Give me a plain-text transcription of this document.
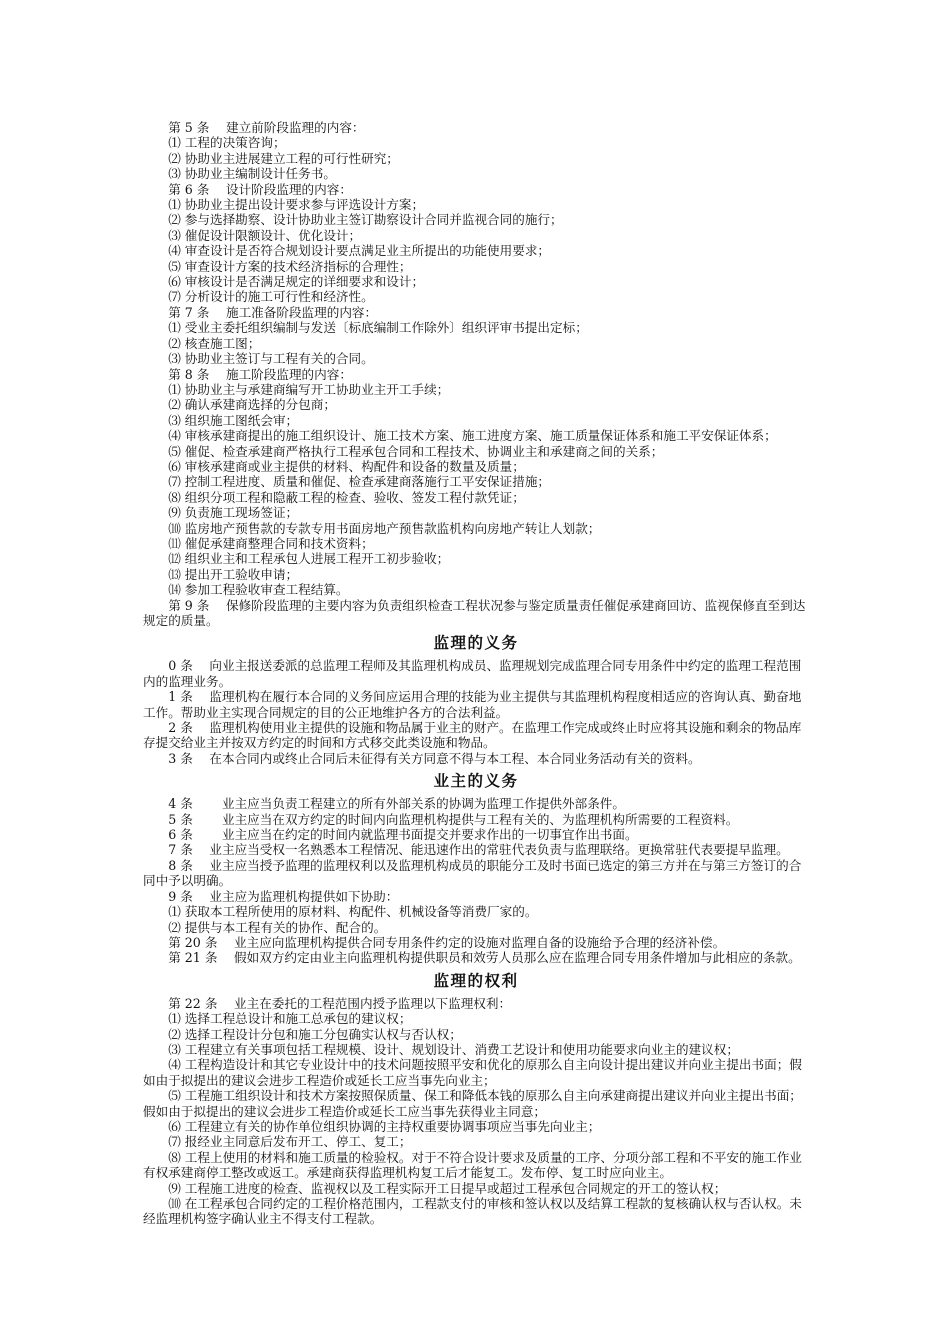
　　第 5 条　 建立前阶段监理的内容：

　　⑴ 工程的决策咨询；

　　⑵ 协助业主进展建立工程的可行性研究；

　　⑶ 协助业主编制设计任务书。

　　第 6 条　 设计阶段监理的内容：

　　⑴ 协助业主提出设计要求参与评选设计方案；

　　⑵ 参与选择勘察、设计协助业主签订勘察设计合同并监视合同的施行；

　　⑶ 催促设计限额设计、优化设计；

　　⑷ 审查设计是否符合规划设计要点满足业主所提出的功能使用要求；

　　⑸ 审查设计方案的技术经济指标的合理性；

　　⑹ 审核设计是否满足规定的详细要求和设计；

　　⑺ 分析设计的施工可行性和经济性。

　　第 7 条　 施工准备阶段监理的内容：

　　⑴ 受业主委托组织编制与发送〔标底编制工作除外〕组织评审书提出定标；

　　⑵ 核查施工图；

　　⑶ 协助业主签订与工程有关的合同。

　　第 8 条　 施工阶段监理的内容：

　　⑴ 协助业主与承建商编写开工协助业主开工手续；

　　⑵ 确认承建商选择的分包商；

　　⑶ 组织施工图纸会审；

　　⑷ 审核承建商提出的施工组织设计、施工技术方案、施工进度方案、施工质量保证体系和施工平安保证体系；

　　⑸ 催促、检查承建商严格执行工程承包合同和工程技术、协调业主和承建商之间的关系；

　　⑹ 审核承建商或业主提供的材料、构配件和设备的数量及质量；

　　⑺ 控制工程进度、质量和催促、检查承建商落施行工平安保证措施；

　　⑻ 组织分项工程和隐蔽工程的检查、验收、签发工程付款凭证；

　　⑼ 负责施工现场签证；

　　⑽ 监房地产预售款的专款专用书面房地产预售款监机构向房地产转让人划款；

　　⑾ 催促承建商整理合同和技术资料；

　　⑿ 组织业主和工程承包人进展工程开工初步验收；

　　⒀ 提出开工验收申请；

　　⒁ 参加工程验收审查工程结算。

　　第 9 条　 保修阶段监理的主要内容为负责组织检查工程状况参与鉴定质量责任催促承建商回访、监视保修直至到达规定的质量。

监理的义务

　　0 条　 向业主报送委派的总监理工程师及其监理机构成员、监理规划完成监理合同专用条件中约定的监理工程范围内的监理业务。

　　1 条　 监理机构在履行本合同的义务间应运用合理的技能为业主提供与其监理机构程度相适应的咨询认真、勤奋地工作。帮助业主实现合同规定的目的公正地维护各方的合法利益。

　　2 条　 监理机构使用业主提供的设施和物品属于业主的财产。在监理工作完成或终止时应将其设施和剩余的物品库存提交给业主并按双方约定的时间和方式移交此类设施和物品。

　　3 条　 在本合同内或终止合同后未征得有关方同意不得与本工程、本合同业务活动有关的资料。

业主的义务

　　4 条　　 业主应当负责工程建立的所有外部关系的协调为监理工作提供外部条件。

　　5 条　　 业主应当在双方约定的时间内向监理机构提供与工程有关的、为监理机构所需要的工程资料。

　　6 条　　 业主应当在约定的时间内就监理书面提交并要求作出的一切事宜作出书面。

　　7 条　 业主应当受权一名熟悉本工程情况、能迅速作出的常驻代表负责与监理联络。更换常驻代表要提早监理。

　　8 条　 业主应当授予监理的监理权利以及监理机构成员的职能分工及时书面已选定的第三方并在与第三方签订的合同中予以明确。

　　9 条　 业主应为监理机构提供如下协助：

　　⑴ 获取本工程所使用的原材料、构配件、机械设备等消费厂家的。

　　⑵ 提供与本工程有关的协作、配合的。

　　第 20 条　 业主应向监理机构提供合同专用条件约定的设施对监理自备的设施给予合理的经济补偿。

　　第 21 条　 假如双方约定由业主向监理机构提供职员和效劳人员那么应在监理合同专用条件增加与此相应的条款。

监理的权利

　　第 22 条　 业主在委托的工程范围内授予监理以下监理权利：

　　⑴ 选择工程总设计和施工总承包的建议权；

　　⑵ 选择工程设计分包和施工分包确实认权与否认权；

　　⑶ 工程建立有关事项包括工程规模、设计、规划设计、消费工艺设计和使用功能要求向业主的建议权；

　　⑷ 工程构造设计和其它专业设计中的技术问题按照平安和优化的原那么自主向设计提出建议并向业主提出书面；假如由于拟提出的建议会进步工程造价或延长工应当事先向业主；

　　⑸ 工程施工组织设计和技术方案按照保质量、保工和降低本钱的原那么自主向承建商提出建议并向业主提出书面；假如由于拟提出的建议会进步工程造价或延长工应当事先获得业主同意；

　　⑹ 工程建立有关的协作单位组织协调的主持权重要协调事项应当事先向业主；

　　⑺ 报经业主同意后发布开工、停工、复工；

　　⑻ 工程上使用的材料和施工质量的检验权。对于不符合设计要求及质量的工序、分项分部工程和不平安的施工作业有权承建商停工整改或返工。承建商获得监理机构复工后才能复工。发布停、复工时应向业主。

　　⑼ 工程施工进度的检查、监视权以及工程实际开工日提早或超过工程承包合同规定的开工的签认权；

　　⑽ 在工程承包合同约定的工程价格范围内，工程款支付的审核和签认权以及结算工程款的复核确认权与否认权。未经监理机构签字确认业主不得支付工程款。
